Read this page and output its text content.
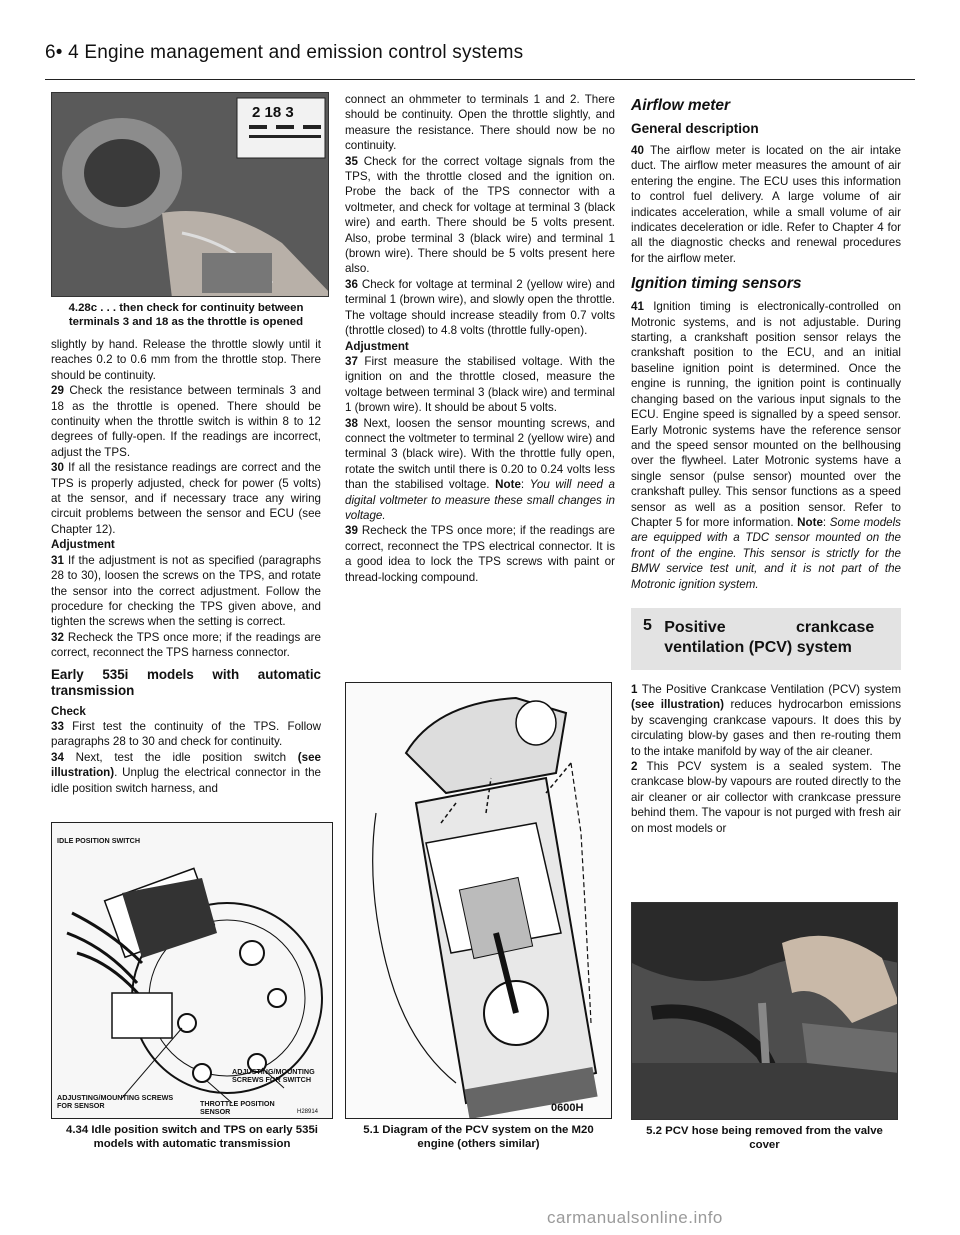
6• 4 Engine management and emission control systems
2 18 3
4.28c . . . then check for continuity between terminals 3 and 18 as the throttle is opened

slightly by hand. Release the throttle slowly until it reaches 0.2 to 0.6 mm from the throttle stop. There should be continuity.

29 Check the resistance between terminals 3 and 18 as the throttle is opened. There should be continuity when the throttle switch is within 8 to 12 degrees of fully-open. If the readings are incorrect, adjust the TPS.

30 If all the resistance readings are correct and the TPS is properly adjusted, check for power (5 volts) at the sensor, and if necessary trace any wiring circuit problems between the sensor and ECU (see Chapter 12).

Adjustment

31 If the adjustment is not as specified (paragraphs 28 to 30), loosen the screws on the TPS, and rotate the sensor into the correct adjustment. Follow the procedure for checking the TPS given above, and tighten the screws when the setting is correct.

32 Recheck the TPS once more; if the readings are correct, reconnect the TPS harness connector.

Early 535i models with automatic transmission

Check

33 First test the continuity of the TPS. Follow paragraphs 28 to 30 and check for continuity.

34 Next, test the idle position switch (see illustration). Unplug the electrical connector in the idle position switch harness, and

connect an ohmmeter to terminals 1 and 2. There should be continuity. Open the throttle slightly, and measure the resistance. There should now be no continuity.

35 Check for the correct voltage signals from the TPS, with the throttle closed and the ignition on. Probe the back of the TPS connector with a voltmeter, and check for voltage at terminal 3 (black wire) and earth. There should be 5 volts present. Also, probe terminal 3 (black wire) and terminal 1 (brown wire). There should be 5 volts present here also.

36 Check for voltage at terminal 2 (yellow wire) and terminal 1 (brown wire), and slowly open the throttle. The voltage should increase steadily from 0.7 volts (throttle closed) to 4.8 volts (throttle fully-open).

Adjustment

37 First measure the stabilised voltage. With the ignition on and the throttle closed, measure the voltage between terminal 3 (black wire) and terminal 1 (brown wire). It should be about 5 volts.

38 Next, loosen the sensor mounting screws, and connect the voltmeter to terminal 2 (yellow wire) and terminal 3 (black wire). With the throttle fully open, rotate the switch until there is 0.20 to 0.24 volts less than the stabilised voltage. Note: You will need a digital voltmeter to measure these small changes in voltage.

39 Recheck the TPS once more; if the readings are correct, reconnect the TPS electrical connector. It is a good idea to lock the TPS screws with paint or thread-locking compound.

Airflow meter
General description

40 The airflow meter is located on the air intake duct. The airflow meter measures the amount of air entering the engine. The ECU uses this information to control fuel delivery. A large volume of air indicates acceleration, while a small volume of air indicates deceleration or idle. Refer to Chapter 4 for all the diagnostic checks and renewal procedures for the airflow meter.

Ignition timing sensors

41 Ignition timing is electronically-controlled on Motronic systems, and is not adjustable. During starting, a crankshaft position sensor relays the crankshaft position to the ECU, and an initial baseline ignition point is determined. Once the engine is running, the ignition point is continually changing based on the various input signals to the ECU. Engine speed is signalled by a speed sensor. Early Motronic systems have the reference sensor and the speed sensor mounted on the bellhousing over the flywheel. Later Motronic systems have a single sensor (pulse sensor) mounted over the crankshaft pulley. This sensor functions as a speed sensor as well as a position sensor. Refer to Chapter 5 for more information. Note: Some models are equipped with a TDC sensor mounted on the front of the engine. This sensor is strictly for the BMW service test unit, and it is not part of the Motronic ignition system.

5 Positive crankcase ventilation (PCV) system

1 The Positive Crankcase Ventilation (PCV) system (see illustration) reduces hydrocarbon emissions by scavenging crankcase vapours. It does this by circulating blow-by gases and then re-routing them to the intake manifold by way of the air cleaner.

2 This PCV system is a sealed system. The crankcase blow-by vapours are routed directly to the air cleaner or air collector with crankcase pressure behind them. The vapour is not purged with fresh air on most models or

IDLE POSITION SWITCH
ADJUSTING/MOUNTING SCREWS FOR SENSOR
ADJUSTING/MOUNTING SCREWS FOR SWITCH
THROTTLE POSITION SENSOR	H28914
4.34 Idle position switch and TPS on early 535i models with automatic transmission
0600H
5.1 Diagram of the PCV system on the M20 engine (others similar)
5.2 PCV hose being removed from the valve cover
carmanualsonline.info
